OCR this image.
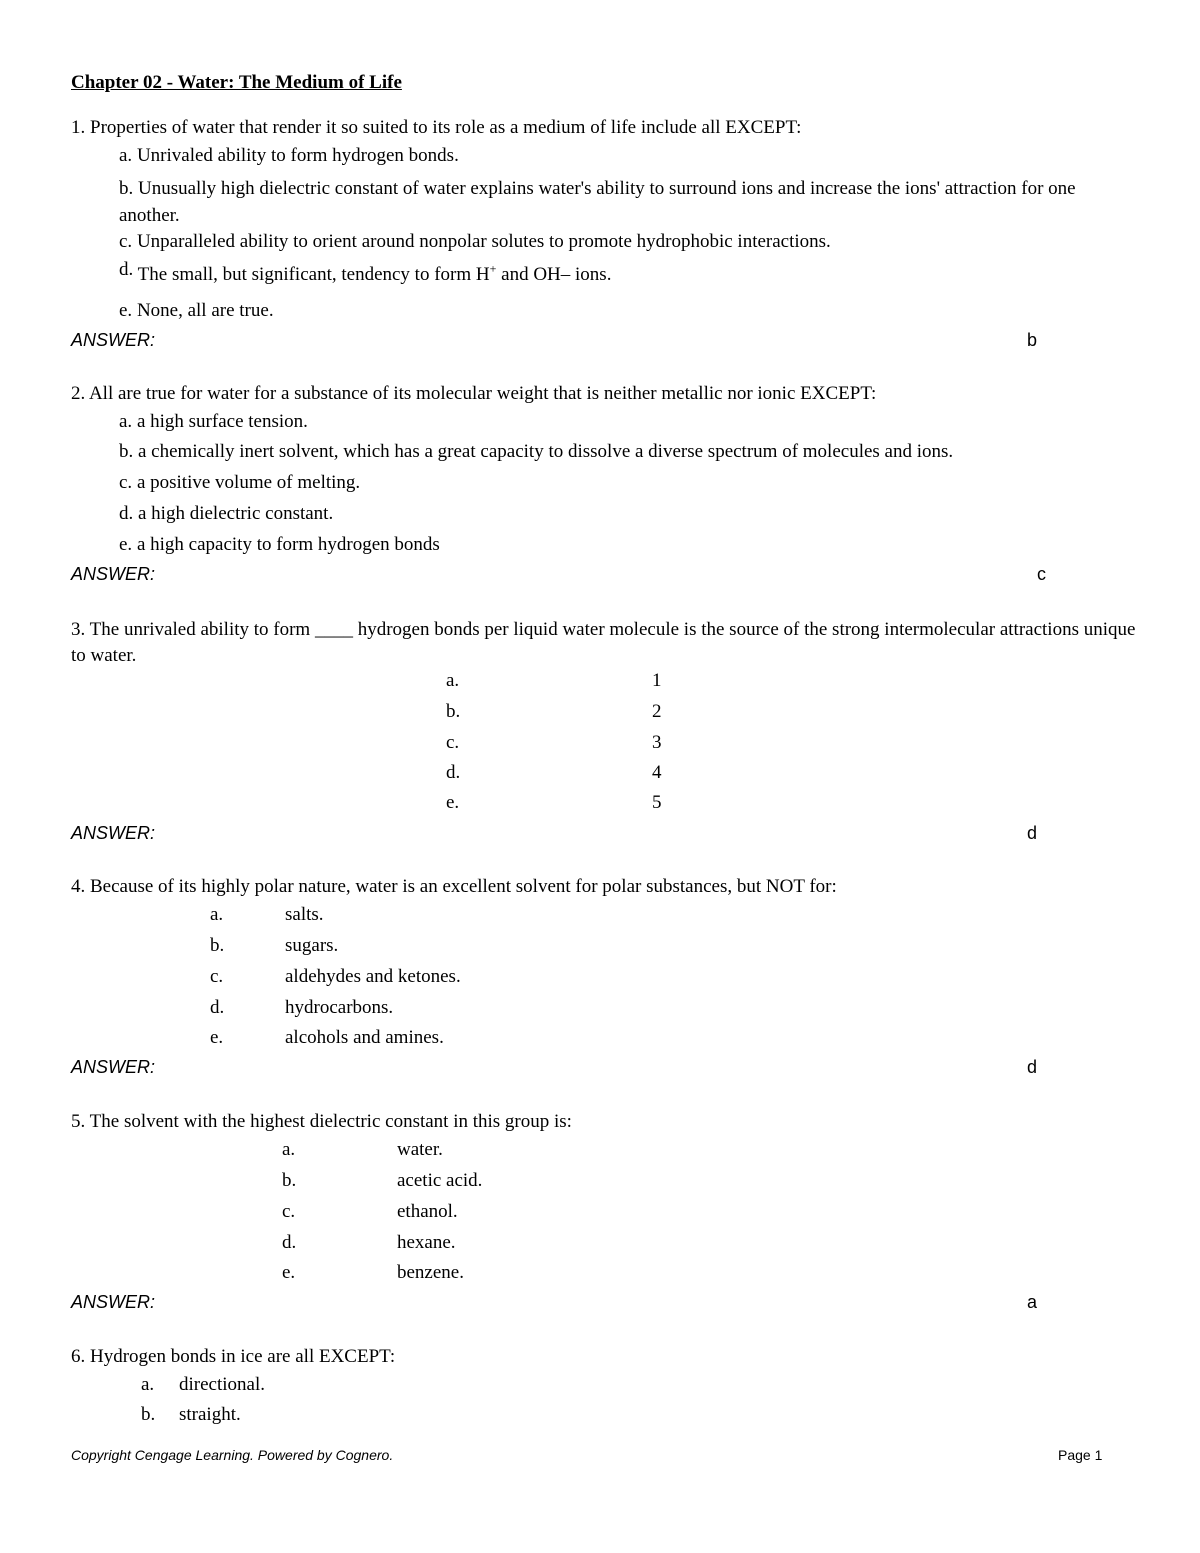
Chapter 02 - Water: The Medium of Life
1. Properties of water that render it so suited to its role as a medium of life include all EXCEPT:
a. Unrivaled ability to form hydrogen bonds.
b. Unusually high dielectric constant of water explains water's ability to surround ions and increase the ions' attraction for one another.
c. Unparalleled ability to orient around nonpolar solutes to promote hydrophobic interactions.
d. The small, but significant, tendency to form H+ and OH– ions.
e. None, all are true.
ANSWER:	b
2. All are true for water for a substance of its molecular weight that is neither metallic nor ionic EXCEPT:
a. a high surface tension.
b. a chemically inert solvent, which has a great capacity to dissolve a diverse spectrum of molecules and ions.
c. a positive volume of melting.
d. a high dielectric constant.
e. a high capacity to form hydrogen bonds
ANSWER:	c
3. The unrivaled ability to form ____ hydrogen bonds per liquid water molecule is the source of the strong intermolecular attractions unique to water.
a.	1
b.	2
c.	3
d.	4
e.	5
ANSWER:	d
4. Because of its highly polar nature, water is an excellent solvent for polar substances, but NOT for:
a.	salts.
b.	sugars.
c.	aldehydes and ketones.
d.	hydrocarbons.
e.	alcohols and amines.
ANSWER:	d
5. The solvent with the highest dielectric constant in this group is:
a.	water.
b.	acetic acid.
c.	ethanol.
d.	hexane.
e.	benzene.
ANSWER:	a
6. Hydrogen bonds in ice are all EXCEPT:
a. directional.
b. straight.
Copyright Cengage Learning. Powered by Cognero.	Page 1
